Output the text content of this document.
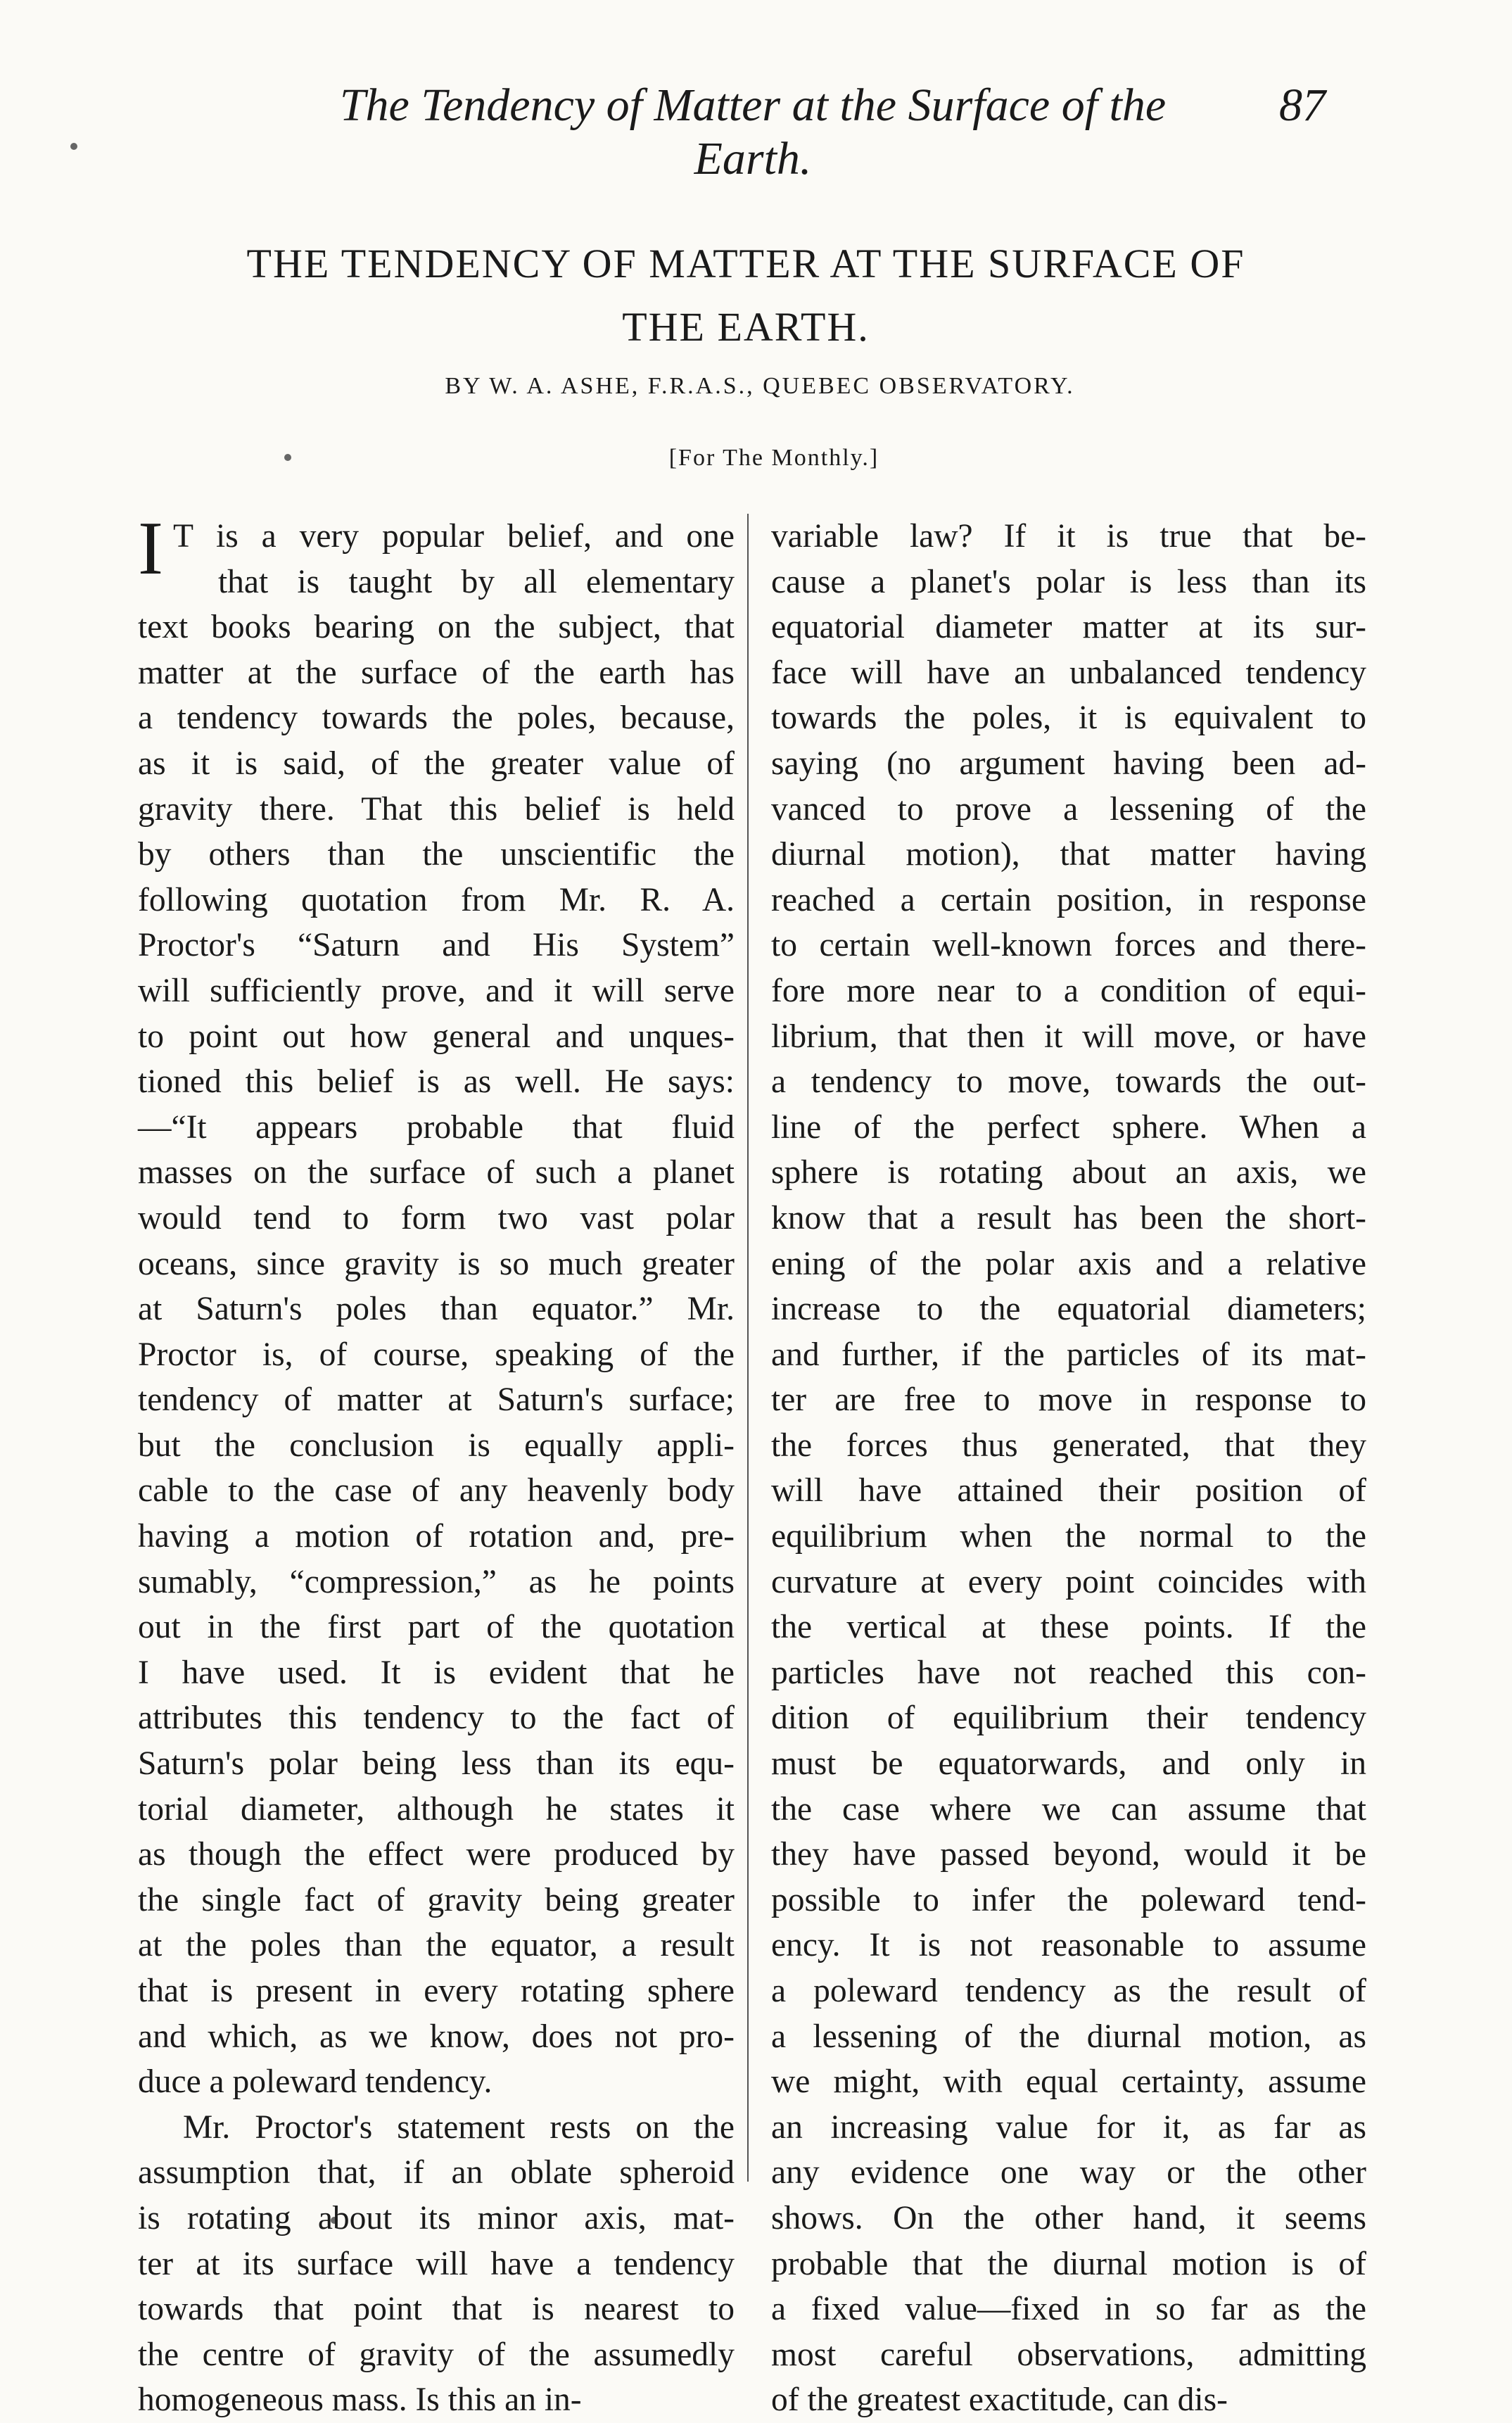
The Tendency of Matter at the Surface of the Earth.
87
THE TENDENCY OF MATTER AT THE SURFACE OF
THE EARTH.
BY W. A. ASHE, F.R.A.S., QUEBEC OBSERVATORY.
[For The Monthly.]
I T is a very popular belief, and one
that is taught by all elementary
text books bearing on the subject, that
matter at the surface of the earth has
a tendency towards the poles, because,
as it is said, of the greater value of
gravity there. That this belief is held
by others than the unscientific the
following quotation from Mr. R. A.
Proctor's “Saturn and His System”
will sufficiently prove, and it will serve
to point out how general and unques-
tioned this belief is as well. He says:
—“It appears probable that fluid
masses on the surface of such a planet
would tend to form two vast polar
oceans, since gravity is so much greater
at Saturn's poles than equator.” Mr.
Proctor is, of course, speaking of the
tendency of matter at Saturn's surface;
but the conclusion is equally appli-
cable to the case of any heavenly body
having a motion of rotation and, pre-
sumably, “compression,” as he points
out in the first part of the quotation
I have used. It is evident that he
attributes this tendency to the fact of
Saturn's polar being less than its equ-
torial diameter, although he states it
as though the effect were produced by
the single fact of gravity being greater
at the poles than the equator, a result
that is present in every rotating sphere
and which, as we know, does not pro-
duce a poleward tendency.
Mr. Proctor's statement rests on the
assumption that, if an oblate spheroid
is rotating about its minor axis, mat-
ter at its surface will have a tendency
towards that point that is nearest to
the centre of gravity of the assumedly
homogeneous mass. Is this an in-
variable law? If it is true that be-
cause a planet's polar is less than its
equatorial diameter matter at its sur-
face will have an unbalanced tendency
towards the poles, it is equivalent to
saying (no argument having been ad-
vanced to prove a lessening of the
diurnal motion), that matter having
reached a certain position, in response
to certain well-known forces and there-
fore more near to a condition of equi-
librium, that then it will move, or have
a tendency to move, towards the out-
line of the perfect sphere. When a
sphere is rotating about an axis, we
know that a result has been the short-
ening of the polar axis and a relative
increase to the equatorial diameters;
and further, if the particles of its mat-
ter are free to move in response to
the forces thus generated, that they
will have attained their position of
equilibrium when the normal to the
curvature at every point coincides with
the vertical at these points. If the
particles have not reached this con-
dition of equilibrium their tendency
must be equatorwards, and only in
the case where we can assume that
they have passed beyond, would it be
possible to infer the poleward tend-
ency. It is not reasonable to assume
a poleward tendency as the result of
a lessening of the diurnal motion, as
we might, with equal certainty, assume
an increasing value for it, as far as
any evidence one way or the other
shows. On the other hand, it seems
probable that the diurnal motion is of
a fixed value—fixed in so far as the
most careful observations, admitting
of the greatest exactitude, can dis-
